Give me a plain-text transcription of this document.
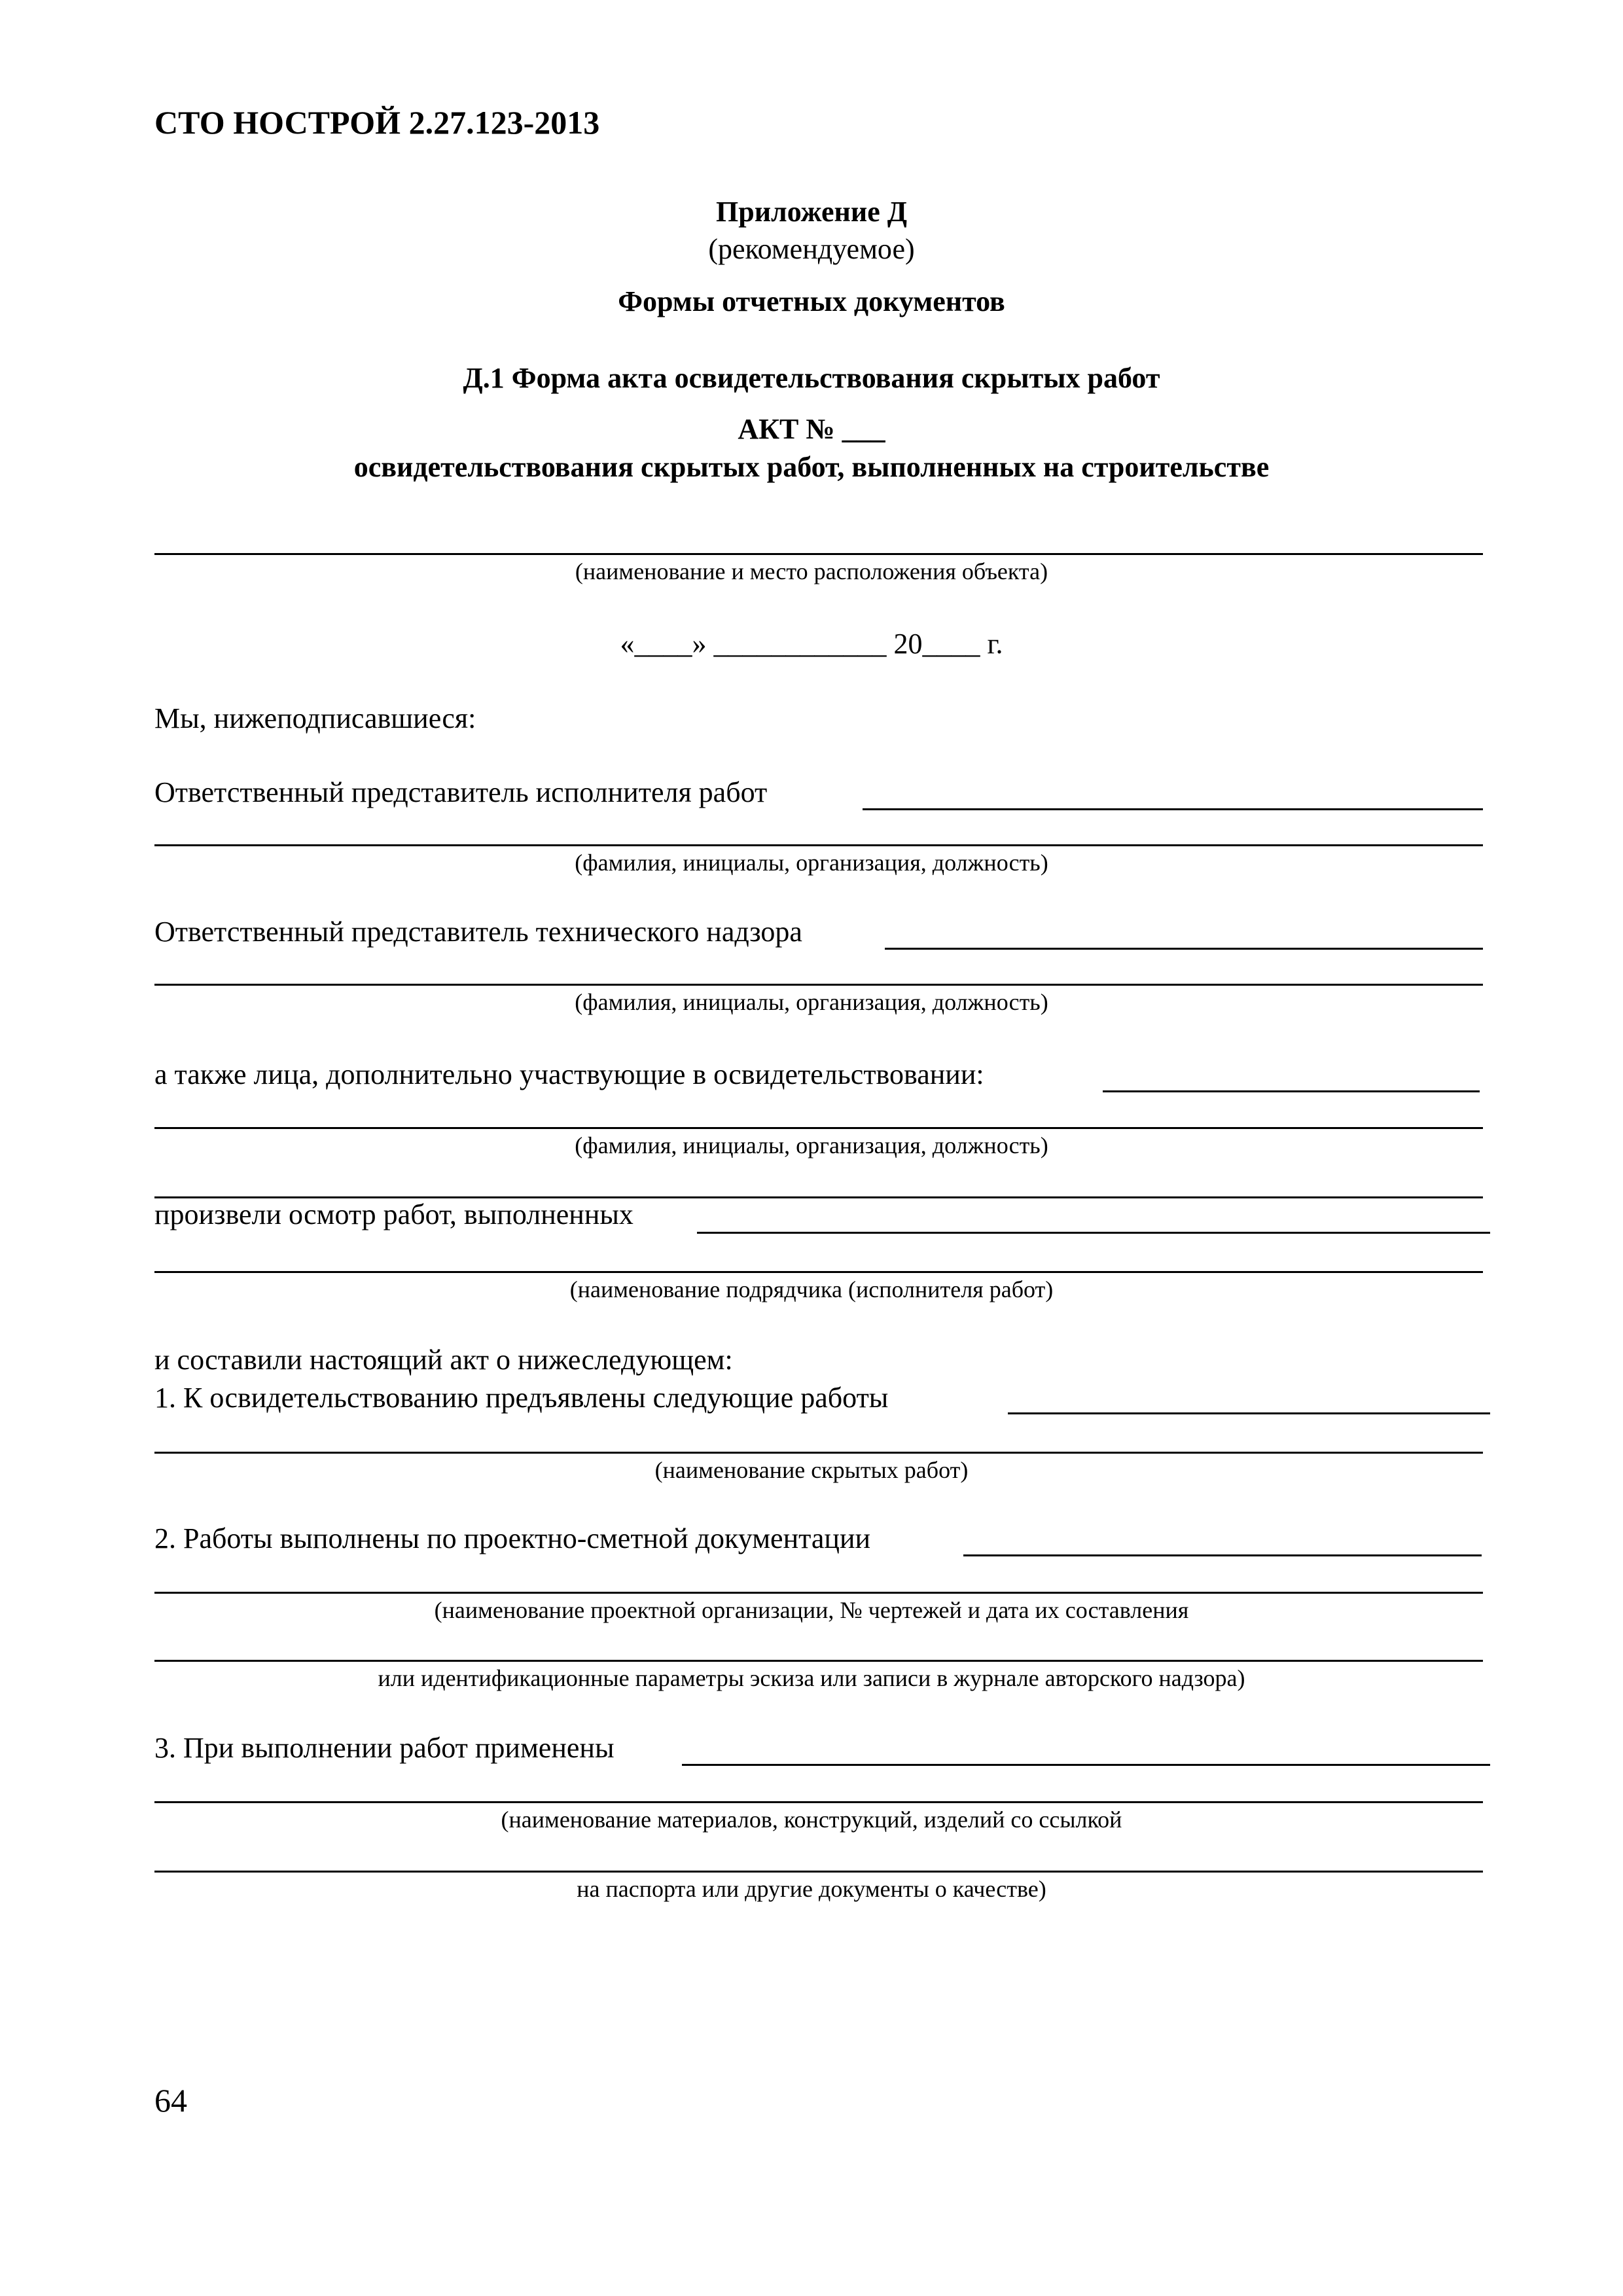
СТО НОСТРОЙ 2.27.123-2013
Приложение Д
(рекомендуемое)
Формы отчетных документов
Д.1 Форма акта освидетельствования скрытых работ
АКТ № ___
освидетельствования скрытых работ, выполненных на строительстве
(наименование и место расположения объекта)
«____» ____________ 20____ г.
Мы, нижеподписавшиеся:
Ответственный представитель исполнителя работ
(фамилия, инициалы, организация, должность)
Ответственный представитель технического надзора
(фамилия, инициалы, организация, должность)
а также лица, дополнительно участвующие в освидетельствовании:
(фамилия, инициалы, организация, должность)
произвели осмотр работ, выполненных
(наименование подрядчика (исполнителя работ)
и составили настоящий акт о нижеследующем:
1. К освидетельствованию предъявлены следующие работы
(наименование скрытых работ)
2. Работы выполнены по проектно-сметной документации
(наименование проектной организации, № чертежей и дата их составления
или идентификационные параметры эскиза или записи в журнале авторского надзора)
3. При выполнении работ применены
(наименование материалов, конструкций, изделий со ссылкой
на паспорта или другие документы о качестве)
64
